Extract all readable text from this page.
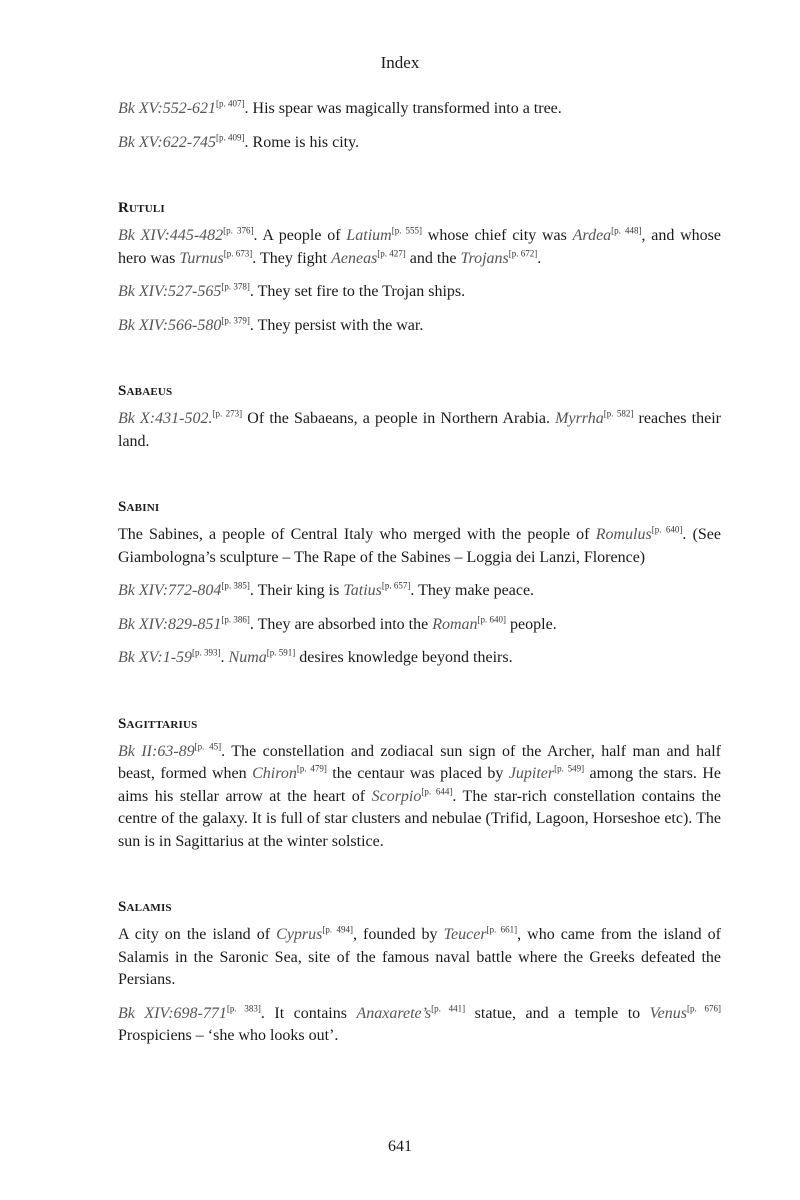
Index

Bk XV:552-621[p. 407]. His spear was magically transformed into a tree.

Bk XV:622-745[p. 409]. Rome is his city.

Rutuli

Bk XIV:445-482[p. 376]. A people of Latium[p. 555] whose chief city was Ardea[p. 448], and whose hero was Turnus[p. 673]. They fight Aeneas[p. 427] and the Trojans[p. 672].

Bk XIV:527-565[p. 378]. They set fire to the Trojan ships.

Bk XIV:566-580[p. 379]. They persist with the war.

Sabaeus

Bk X:431-502.[p. 273] Of the Sabaeans, a people in Northern Arabia. Myrrha[p. 582] reaches their land.

Sabini

The Sabines, a people of Central Italy who merged with the people of Romulus[p. 640]. (See Giambologna’s sculpture – The Rape of the Sabines – Loggia dei Lanzi, Florence)

Bk XIV:772-804[p. 385]. Their king is Tatius[p. 657]. They make peace.

Bk XIV:829-851[p. 386]. They are absorbed into the Roman[p. 640] people.

Bk XV:1-59[p. 393]. Numa[p. 591] desires knowledge beyond theirs.

Sagittarius

Bk II:63-89[p. 45]. The constellation and zodiacal sun sign of the Archer, half man and half beast, formed when Chiron[p. 479] the centaur was placed by Jupiter[p. 549] among the stars. He aims his stellar arrow at the heart of Scorpio[p. 644]. The star-rich constellation contains the centre of the galaxy. It is full of star clusters and nebulae (Trifid, Lagoon, Horseshoe etc). The sun is in Sagittarius at the winter solstice.

Salamis

A city on the island of Cyprus[p. 494], founded by Teucer[p. 661], who came from the island of Salamis in the Saronic Sea, site of the famous naval battle where the Greeks defeated the Persians.

Bk XIV:698-771[p. 383]. It contains Anaxarete’s[p. 441] statue, and a temple to Venus[p. 676] Prospiciens – ‘she who looks out’.

641
